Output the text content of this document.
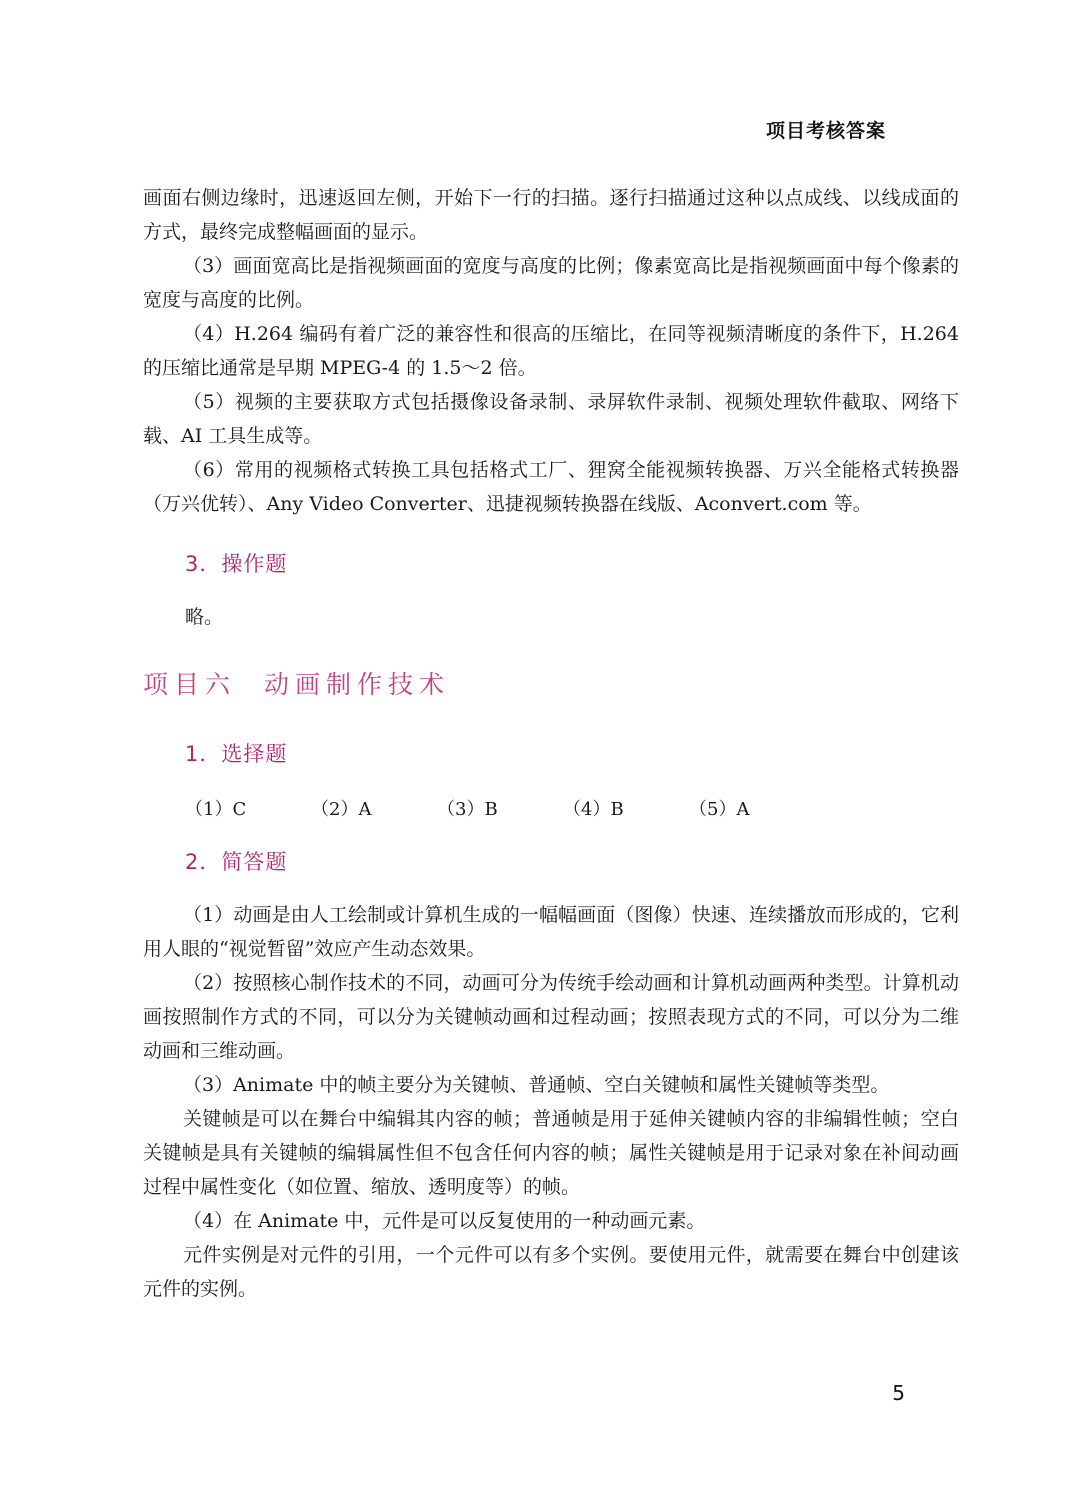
项目考核答案

画面右侧边缘时，迅速返回左侧，开始下一行的扫描。逐行扫描通过这种以点成线、以线成面的方式，最终完成整幅画面的显示。

（3）画面宽高比是指视频画面的宽度与高度的比例；像素宽高比是指视频画面中每个像素的宽度与高度的比例。

（4）H.264 编码有着广泛的兼容性和很高的压缩比，在同等视频清晰度的条件下，H.264 的压缩比通常是早期 MPEG-4 的 1.5～2 倍。

（5）视频的主要获取方式包括摄像设备录制、录屏软件录制、视频处理软件截取、网络下载、AI 工具生成等。

（6）常用的视频格式转换工具包括格式工厂、狸窝全能视频转换器、万兴全能格式转换器（万兴优转）、Any Video Converter、迅捷视频转换器在线版、Aconvert.com 等。

3．操作题
略。
项目六 动画制作技术
1．选择题
（1）C	（2）A	（3）B	（4）B	（5）A
2．简答题

（1）动画是由人工绘制或计算机生成的一幅幅画面（图像）快速、连续播放而形成的，它利用人眼的“视觉暂留”效应产生动态效果。

（2）按照核心制作技术的不同，动画可分为传统手绘动画和计算机动画两种类型。计算机动画按照制作方式的不同，可以分为关键帧动画和过程动画；按照表现方式的不同，可以分为二维动画和三维动画。

（3）Animate 中的帧主要分为关键帧、普通帧、空白关键帧和属性关键帧等类型。

关键帧是可以在舞台中编辑其内容的帧；普通帧是用于延伸关键帧内容的非编辑性帧；空白关键帧是具有关键帧的编辑属性但不包含任何内容的帧；属性关键帧是用于记录对象在补间动画过程中属性变化（如位置、缩放、透明度等）的帧。

（4）在 Animate 中，元件是可以反复使用的一种动画元素。

元件实例是对元件的引用，一个元件可以有多个实例。要使用元件，就需要在舞台中创建该元件的实例。

5
